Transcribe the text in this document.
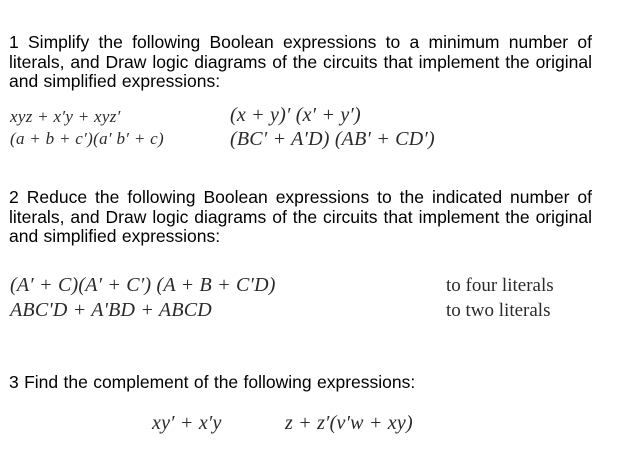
1 Simplify the following Boolean expressions to a minimum number of literals, and Draw logic diagrams of the circuits that implement the original and simplified expressions:
xyz + x′y + xyz′
(a + b + c′)(a′ b′ + c)
(x + y)′ (x′ + y′)
(BC′ + A′D) (AB′ + CD′)
2 Reduce the following Boolean expressions to the indicated number of literals, and Draw logic diagrams of the circuits that implement the original and simplified expressions:
(A′ + C)(A′ + C′) (A + B + C′D)
ABC'D + A'BD + ABCD
to four literals
to two literals
3 Find the complement of the following expressions:
xy′ + x′y	z + z′(v′w + xy)
